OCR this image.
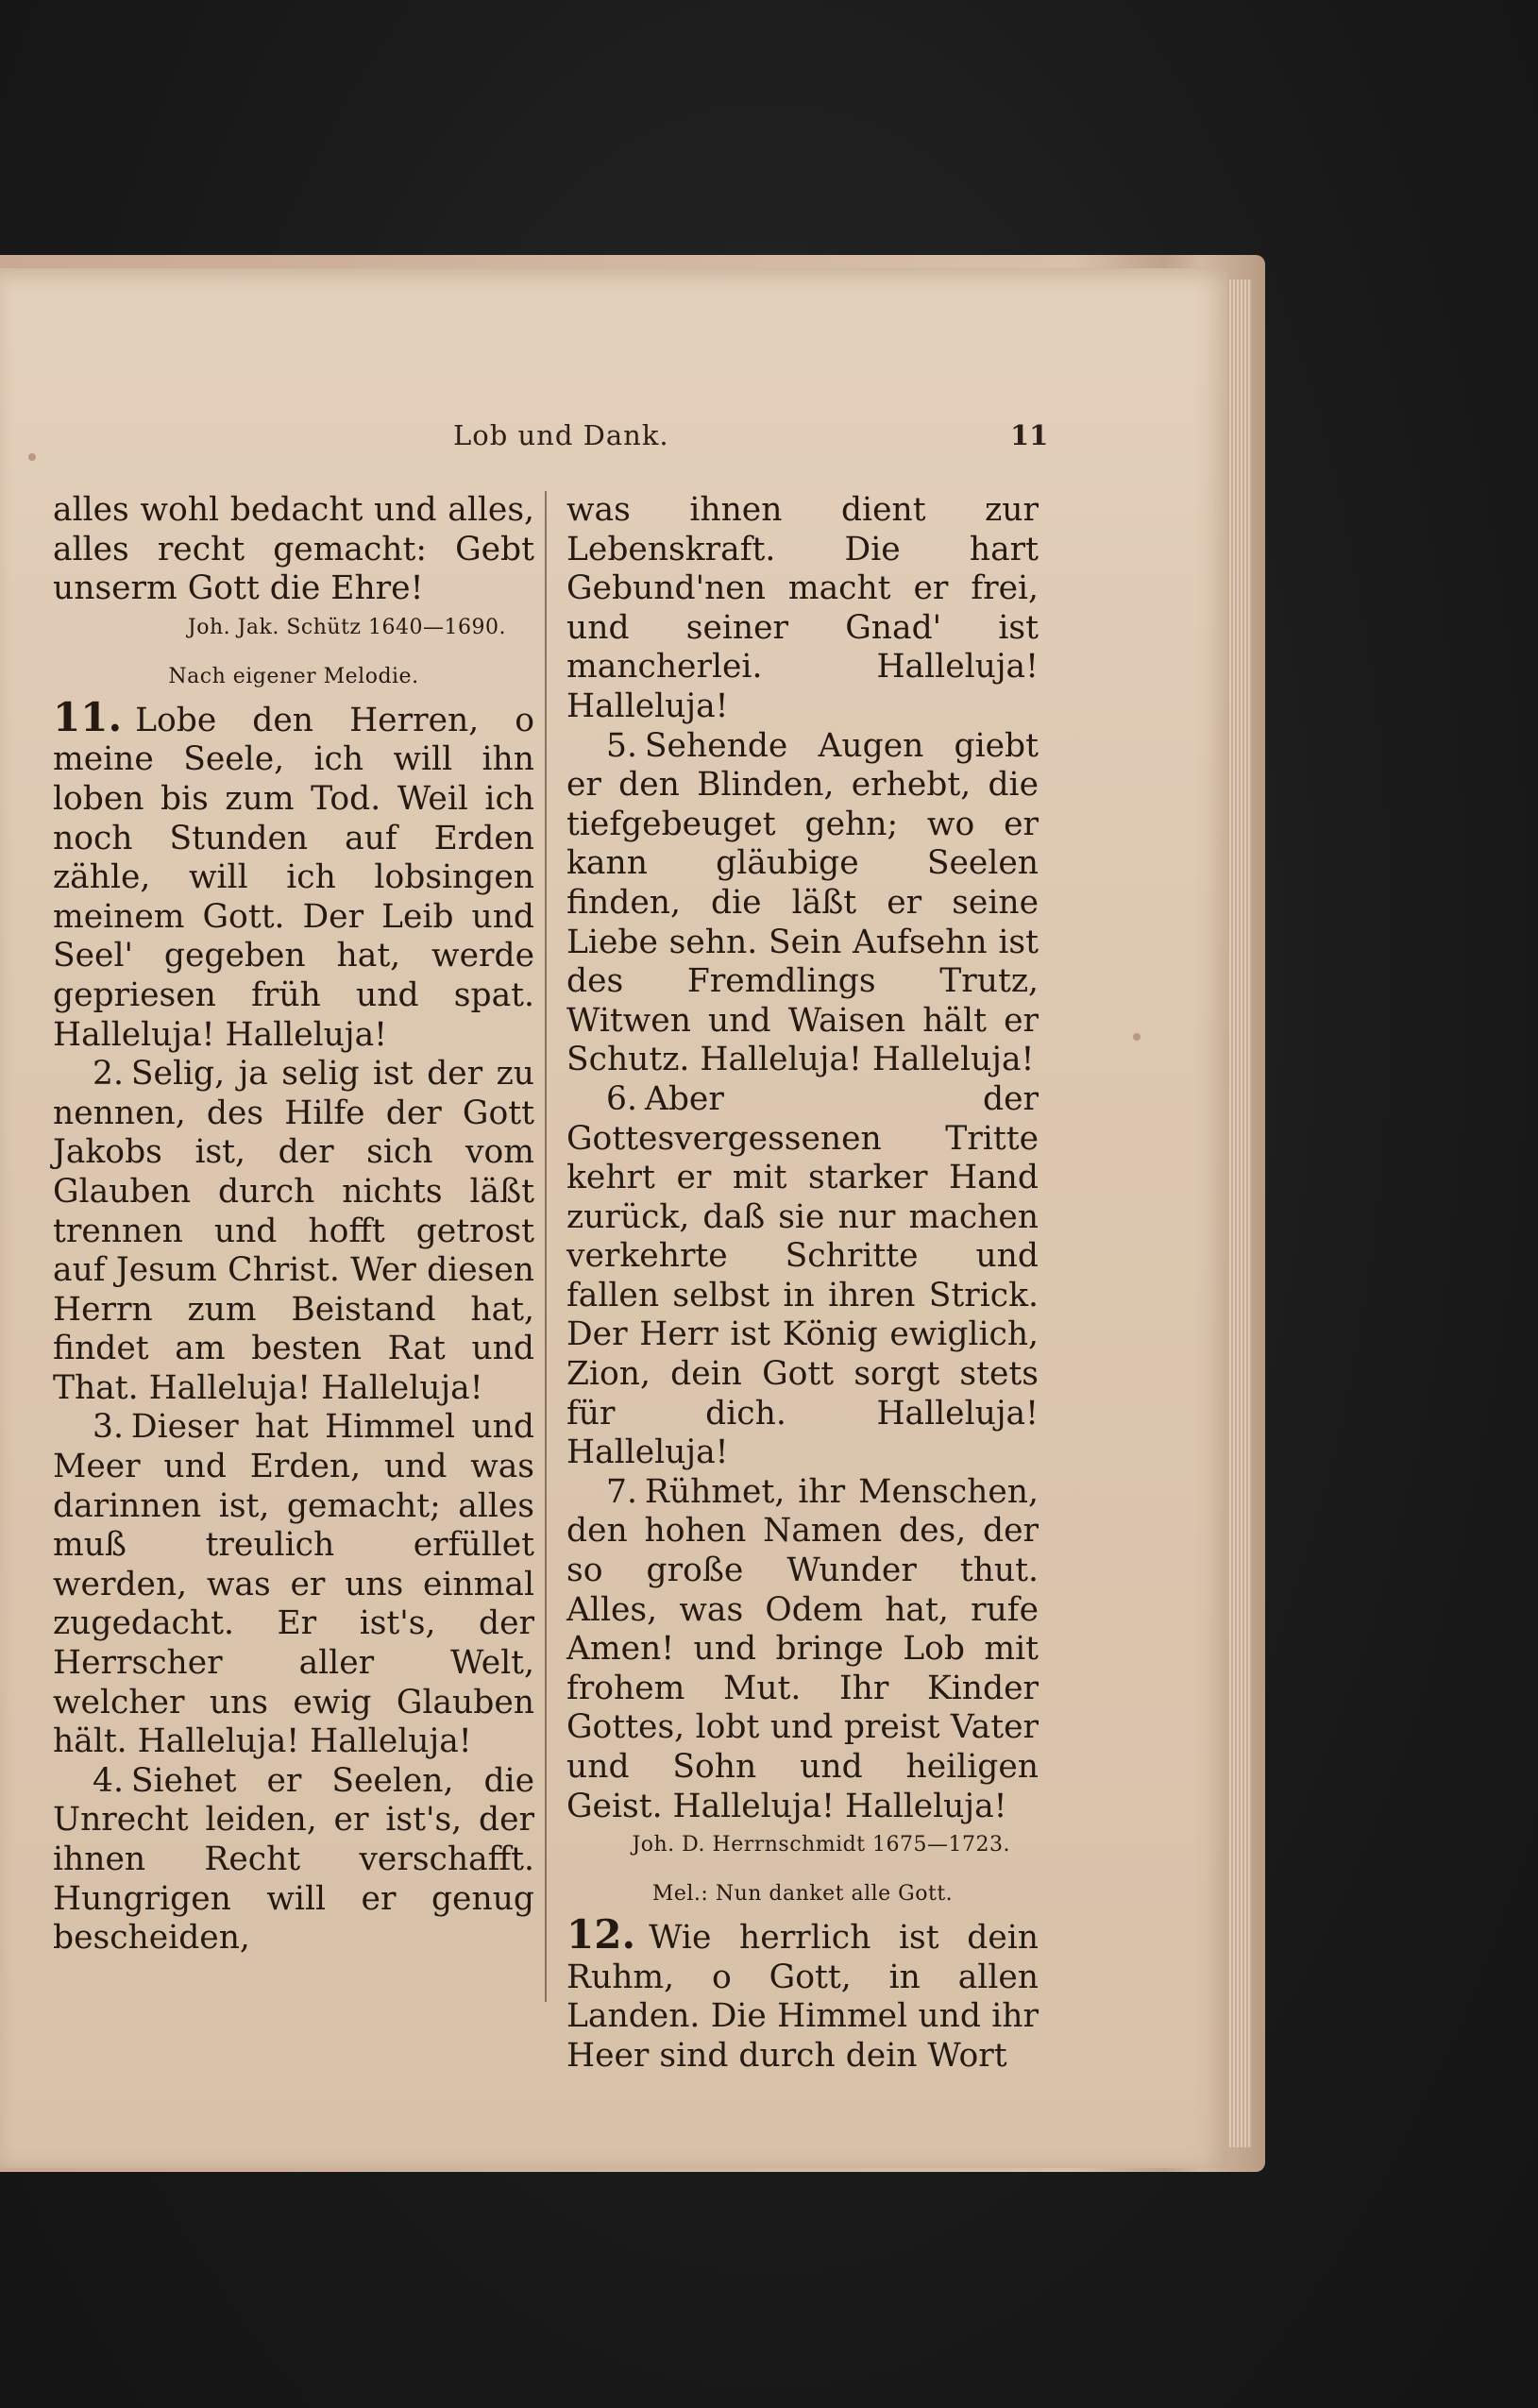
Lob und Dank.	11

alles wohl bedacht und alles, alles recht gemacht: Gebt unserm Gott die Ehre!

Joh. Jak. Schütz 1640—1690.

Nach eigener Melodie.

11. Lobe den Herren, o meine Seele, ich will ihn loben bis zum Tod. Weil ich noch Stunden auf Erden zähle, will ich lobsingen meinem Gott. Der Leib und Seel' gegeben hat, werde gepriesen früh und spat. Halleluja! Halleluja!

2. Selig, ja selig ist der zu nennen, des Hilfe der Gott Jakobs ist, der sich vom Glauben durch nichts läßt trennen und hofft getrost auf Jesum Christ. Wer diesen Herrn zum Beistand hat, findet am besten Rat und That. Halleluja! Halleluja!

3. Dieser hat Himmel und Meer und Erden, und was darinnen ist, gemacht; alles muß treulich erfüllet werden, was er uns einmal zugedacht. Er ist's, der Herrscher aller Welt, welcher uns ewig Glauben hält. Halleluja! Halleluja!

4. Siehet er Seelen, die Unrecht leiden, er ist's, der ihnen Recht verschafft. Hungrigen will er genug bescheiden,

was ihnen dient zur Lebenskraft. Die hart Gebund'nen macht er frei, und seiner Gnad' ist mancherlei. Halleluja! Halleluja!

5. Sehende Augen giebt er den Blinden, erhebt, die tiefgebeuget gehn; wo er kann gläubige Seelen finden, die läßt er seine Liebe sehn. Sein Aufsehn ist des Fremdlings Trutz, Witwen und Waisen hält er Schutz. Halleluja! Halleluja!

6. Aber der Gottesvergessenen Tritte kehrt er mit starker Hand zurück, daß sie nur machen verkehrte Schritte und fallen selbst in ihren Strick. Der Herr ist König ewiglich, Zion, dein Gott sorgt stets für dich. Halleluja! Halleluja!

7. Rühmet, ihr Menschen, den hohen Namen des, der so große Wunder thut. Alles, was Odem hat, rufe Amen! und bringe Lob mit frohem Mut. Ihr Kinder Gottes, lobt und preist Vater und Sohn und heiligen Geist. Halleluja! Halleluja!

Joh. D. Herrnschmidt 1675—1723.

Mel.: Nun danket alle Gott.

12. Wie herrlich ist dein Ruhm, o Gott, in allen Landen. Die Himmel und ihr Heer sind durch dein Wort
